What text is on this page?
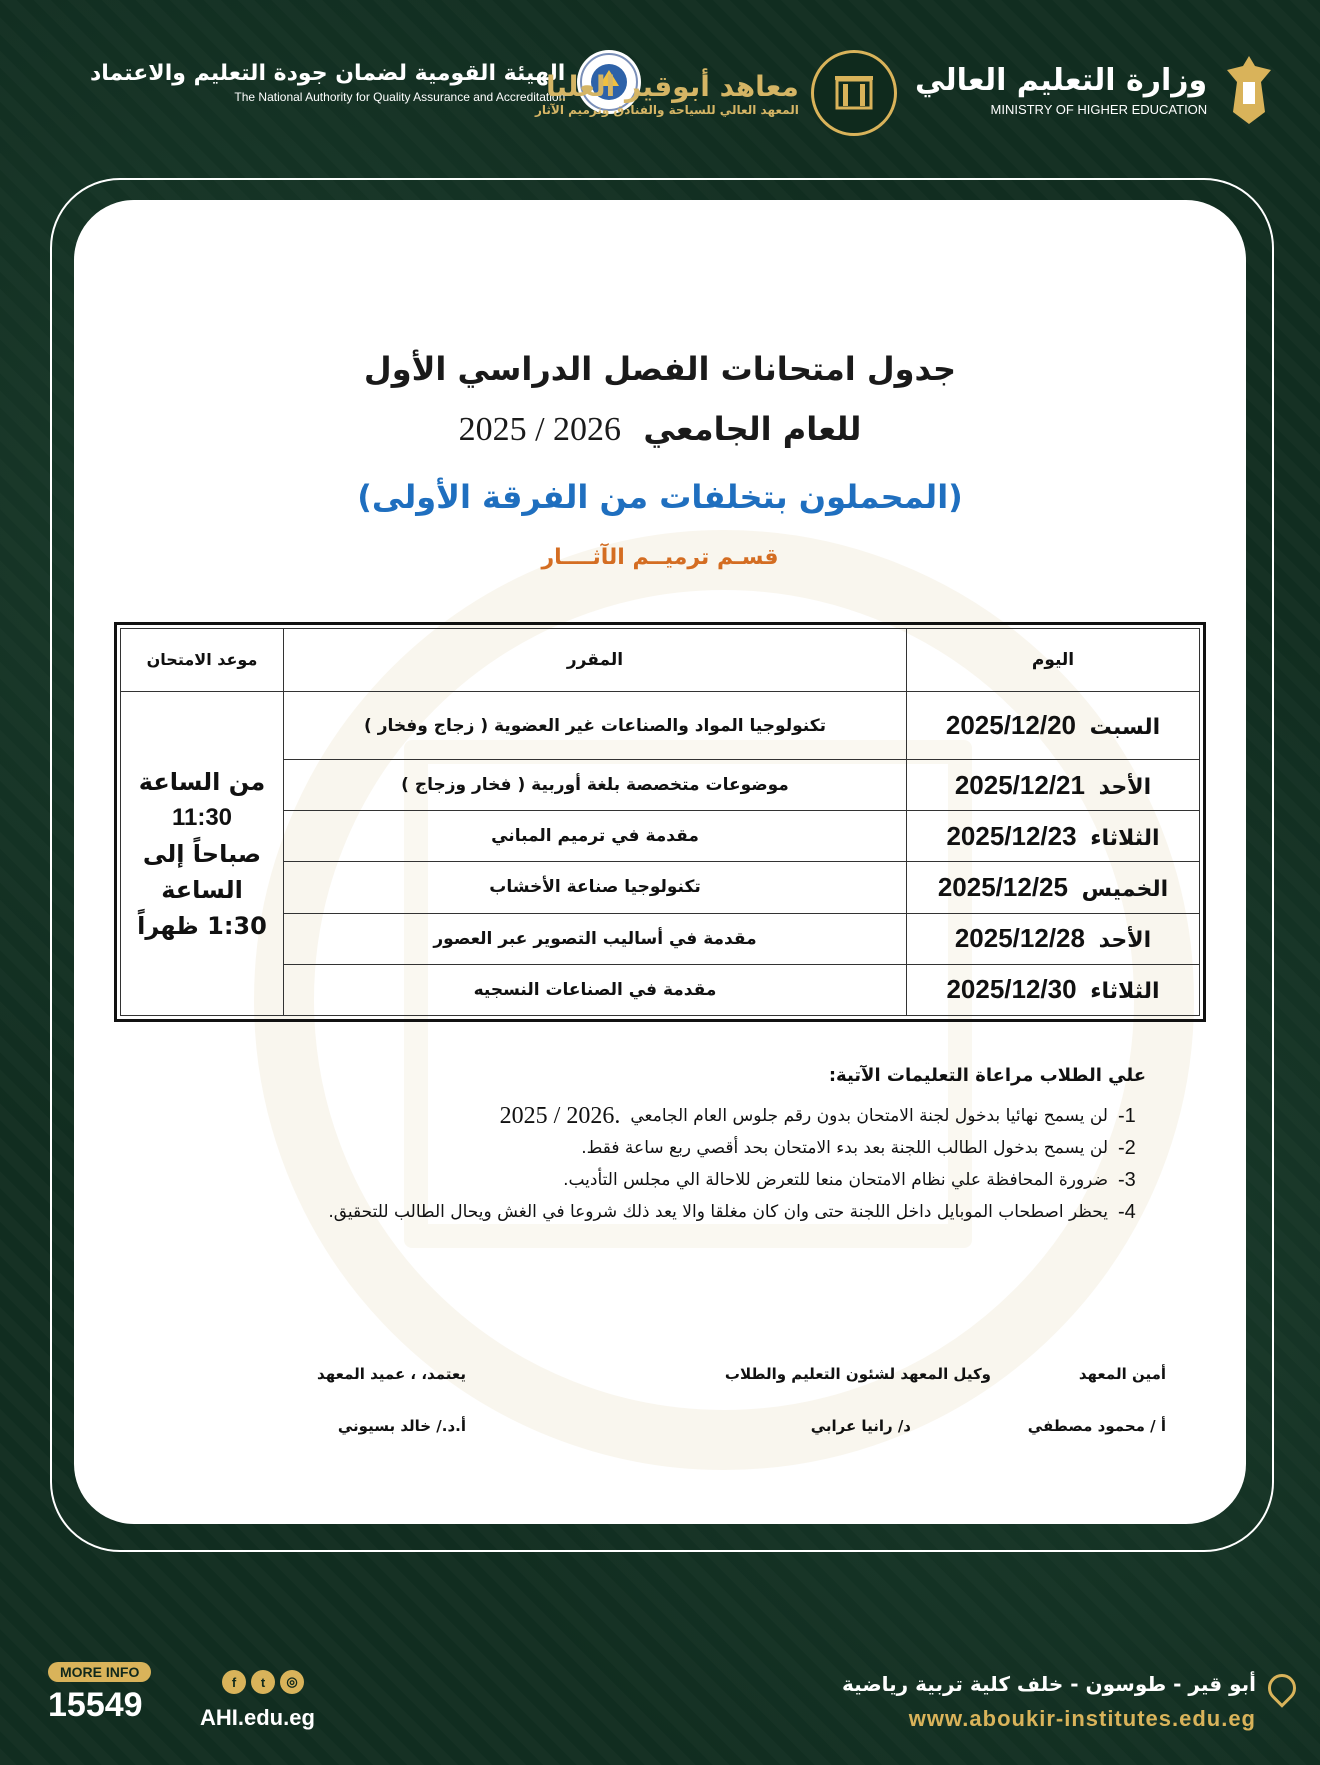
الهيئة القومية لضمان جودة التعليم والاعتماد
The National Authority for Quality Assurance and Accreditation
معاهد أبوقير العليا
المعهد العالي للسياحة والفنادق وترميم الآثار
وزارة التعليم العالي
MINISTRY OF HIGHER EDUCATION
جدول امتحانات الفصل الدراسي الأول
للعام الجامعي  2025 / 2026
(المحملون بتخلفات من الفرقة الأولى)
قسـم ترميــم الآثــــار
اليوم	المقرر	موعد الامتحان
السبت 2025/12/20	تكنولوجيا المواد والصناعات غير العضوية ( زجاج وفخار )	من الساعة
11:30
صباحاً إلى
الساعة
1:30 ظهراً

الأحد 2025/12/21	موضوعات متخصصة بلغة أوربية ( فخار وزجاج )	
الثلاثاء 2025/12/23	مقدمة في ترميم المباني	
الخميس 2025/12/25	تكنولوجيا صناعة الأخشاب	
الأحد 2025/12/28	مقدمة في أساليب التصوير عبر العصور	
الثلاثاء 2025/12/30	مقدمة في الصناعات النسجيه	
علي الطلاب مراعاة التعليمات الآتية:
-1
لن يسمح نهائيا بدخول لجنة الامتحان بدون رقم جلوس العام الجامعي
2025 / 2026.
-2
لن يسمح بدخول الطالب اللجنة بعد بدء الامتحان بحد أقصي ربع ساعة فقط.
-3
ضرورة المحافظة علي نظام الامتحان منعا للتعرض للاحالة الي مجلس التأديب.
-4
يحظر اصطحاب الموبايل داخل اللجنة حتى وان كان مغلقا والا يعد ذلك شروعا في الغش ويحال الطالب للتحقيق.
أمين المعهد
أ / محمود مصطفي
وكيل المعهد لشئون التعليم والطلاب
د/ رانيا عرابي
يعتمد، ، عميد المعهد
أ.د./ خالد بسيوني
MORE INFO
15549
f	t	◎
AHI.edu.eg
أبو قير - طوسون - خلف كلية تربية رياضية
www.aboukir-institutes.edu.eg
